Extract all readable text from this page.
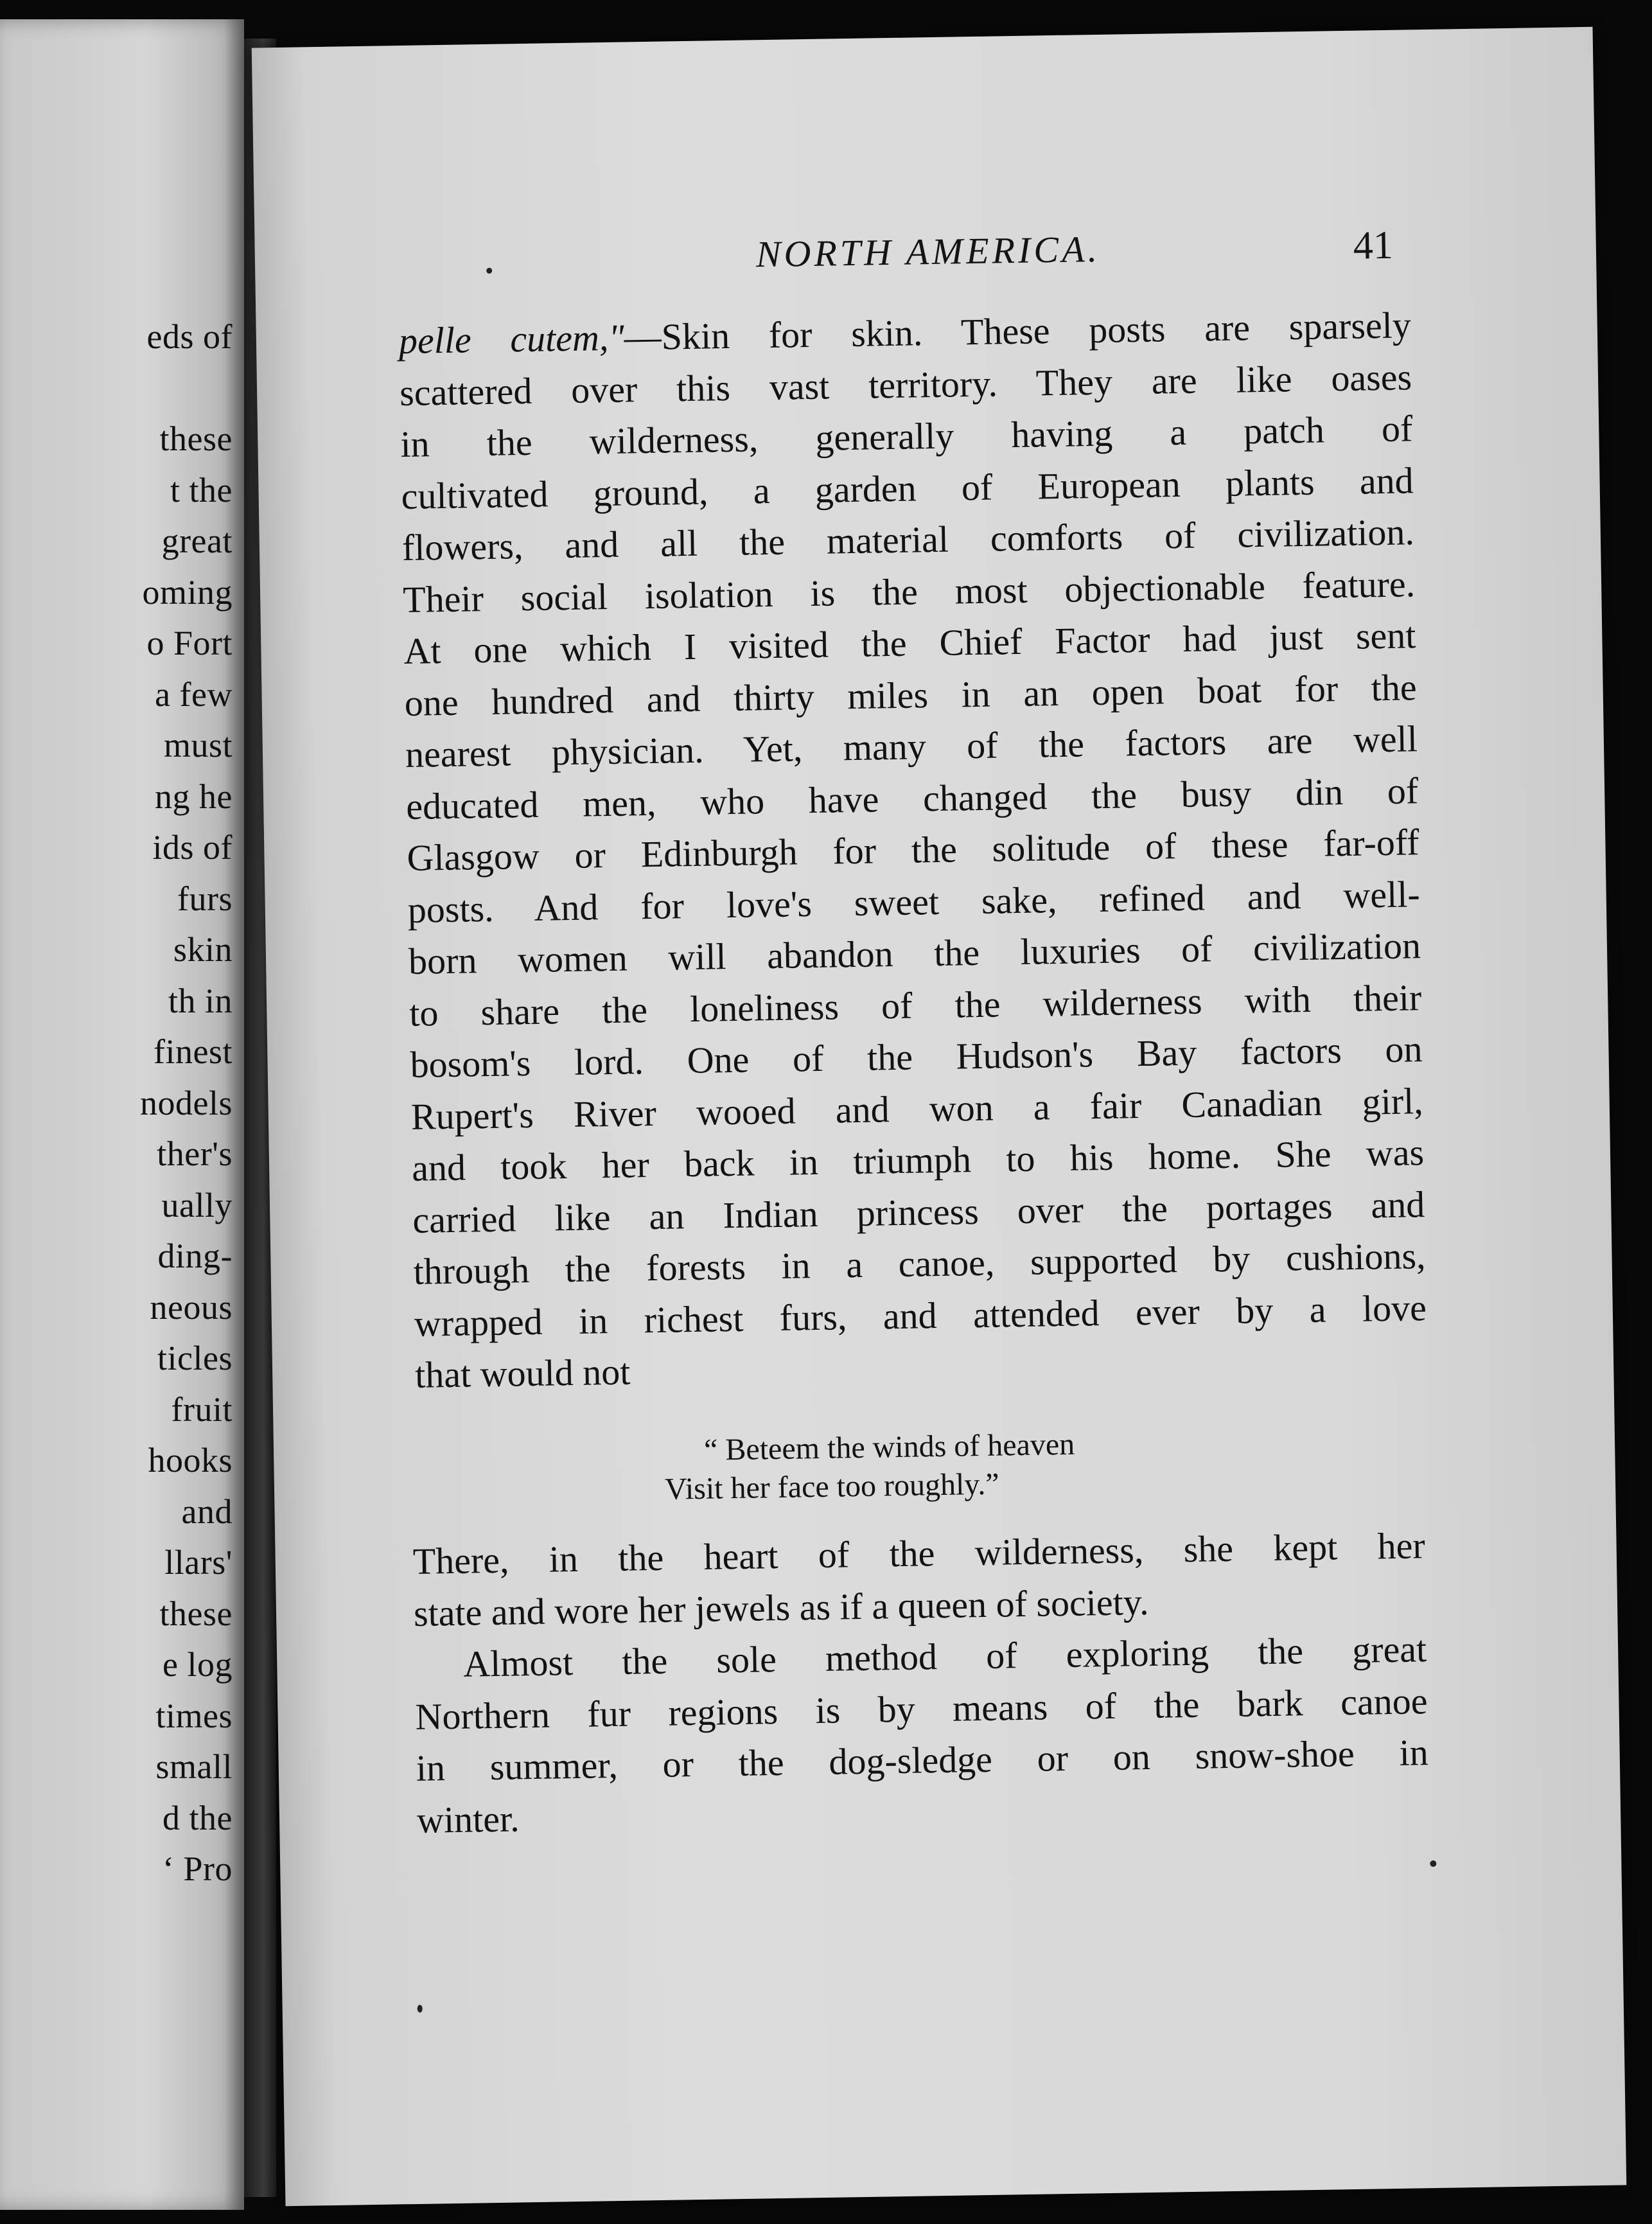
eds of

these
t the
great
oming
o Fort
a few
must
ng he
ids of
furs
skin
th in
finest
nodels
ther's
ually
ding-
neous
ticles
fruit
hooks
and
llars'
these
e log
times
small
d the
‘ Pro
NORTH AMERICA.	41
pelle cutem,"—Skin for skin. These posts are sparsely
scattered over this vast territory. They are like oases
in the wilderness, generally having a patch of
cultivated ground, a garden of European plants and
flowers, and all the material comforts of civilization.
Their social isolation is the most objectionable feature.
At one which I visited the Chief Factor had just sent
one hundred and thirty miles in an open boat for the
nearest physician. Yet, many of the factors are well
educated men, who have changed the busy din of
Glasgow or Edinburgh for the solitude of these far-off
posts. And for love's sweet sake, refined and well-
born women will abandon the luxuries of civilization
to share the loneliness of the wilderness with their
bosom's lord. One of the Hudson's Bay factors on
Rupert's River wooed and won a fair Canadian girl,
and took her back in triumph to his home. She was
carried like an Indian princess over the portages and
through the forests in a canoe, supported by cushions,
wrapped in richest furs, and attended ever by a love
that would not
“ Beteem the winds of heaven
Visit her face too roughly.”
There, in the heart of the wilderness, she kept her
state and wore her jewels as if a queen of society.
Almost the sole method of exploring the great
Northern fur regions is by means of the bark canoe
in summer, or the dog-sledge or on snow-shoe in
winter.
